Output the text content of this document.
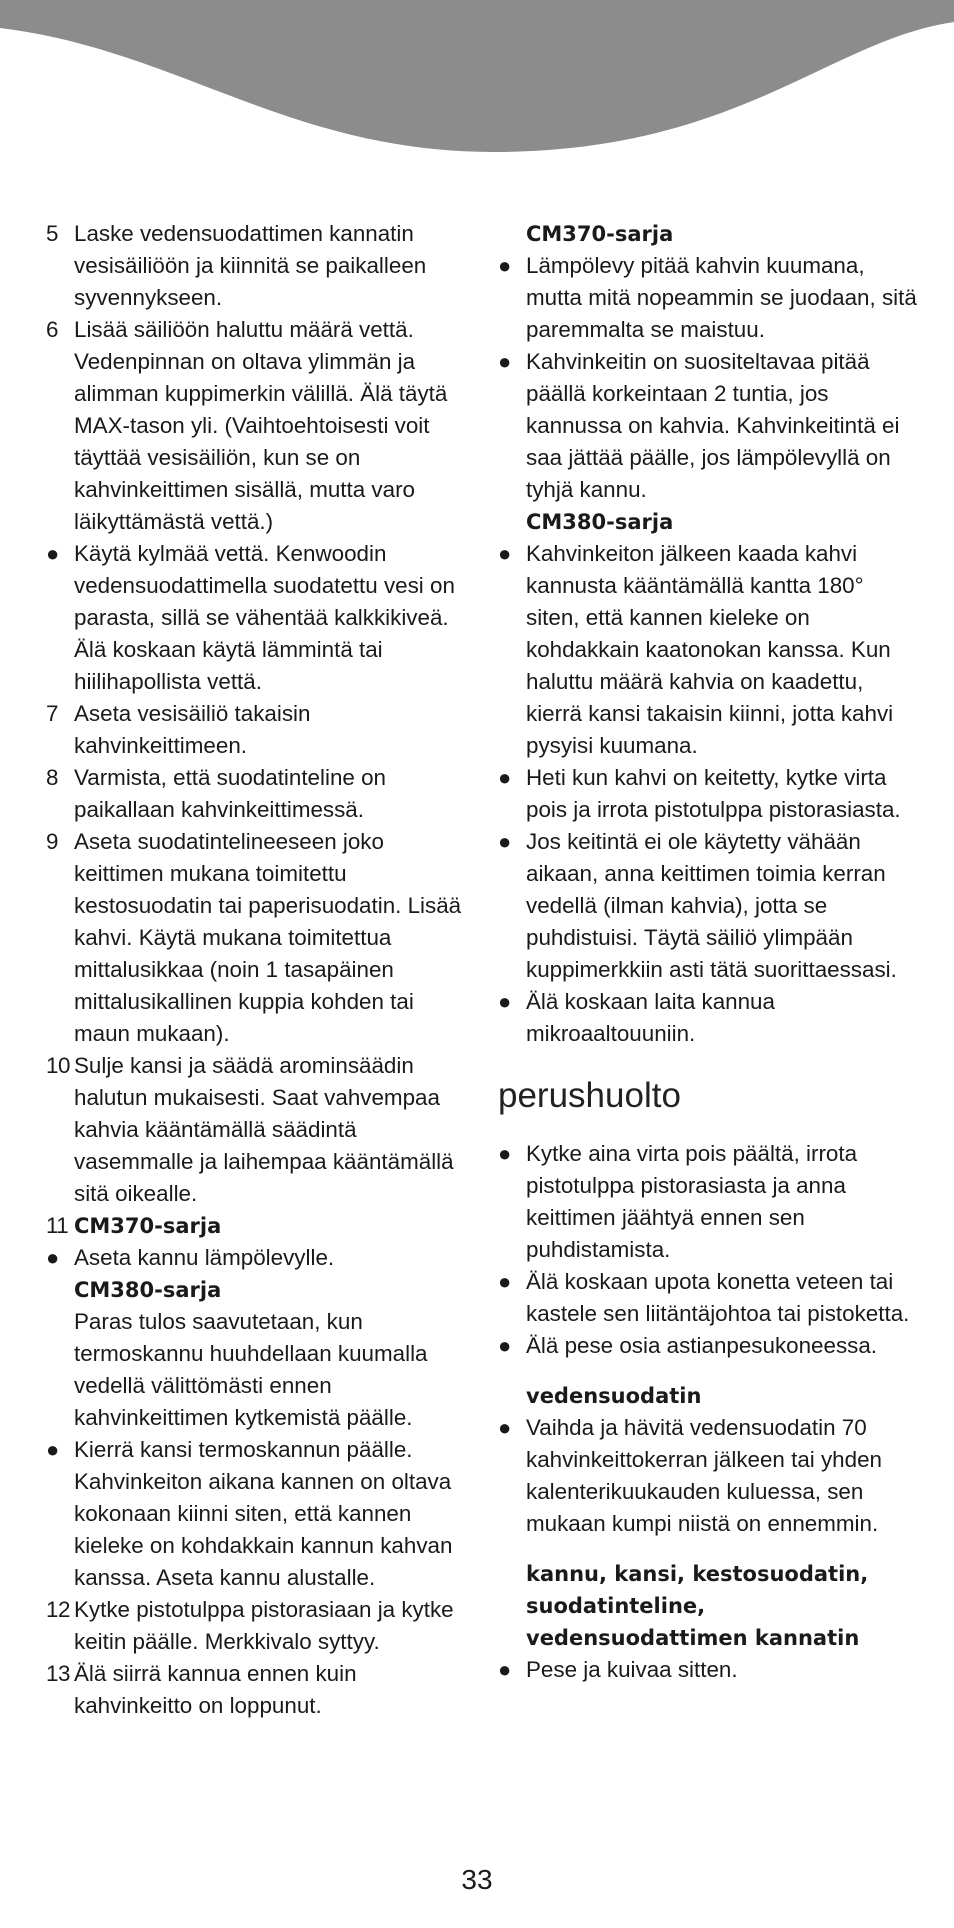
5 Laske vedensuodattimen kannatin vesisäiliöön ja kiinnitä se paikalleen syvennykseen.
6 Lisää säiliöön haluttu määrä vettä. Vedenpinnan on oltava ylimmän ja alimman kuppimerkin välillä. Älä täytä MAX-tason yli. (Vaihtoehtoisesti voit täyttää vesisäiliön, kun se on kahvinkeittimen sisällä, mutta varo läikyttämästä vettä.)
● Käytä kylmää vettä. Kenwoodin vedensuodattimella suodatettu vesi on parasta, sillä se vähentää kalkkikiveä. Älä koskaan käytä lämmintä tai hiilihapollista vettä.
7 Aseta vesisäiliö takaisin kahvinkeittimeen.
8 Varmista, että suodatinteline on paikallaan kahvinkeittimessä.
9 Aseta suodatintelineeseen joko keittimen mukana toimitettu kestosuodatin tai paperisuodatin. Lisää kahvi. Käytä mukana toimitettua mittalusikkaa (noin 1 tasapäinen mittalusikallinen kuppia kohden tai maun mukaan).
10 Sulje kansi ja säädä arominsäädin halutun mukaisesti. Saat vahvempaa kahvia kääntämällä säädintä vasemmalle ja laihempaa kääntämällä sitä oikealle.
11 CM370-sarja
● Aseta kannu lämpölevylle.
CM380-sarja
Paras tulos saavutetaan, kun termoskannu huuhdellaan kuumalla vedellä välittömästi ennen kahvinkeittimen kytkemistä päälle.
● Kierrä kansi termoskannun päälle. Kahvinkeiton aikana kannen on oltava kokonaan kiinni siten, että kannen kieleke on kohdakkain kannun kahvan kanssa. Aseta kannu alustalle.
12 Kytke pistotulppa pistorasiaan ja kytke keitin päälle. Merkkivalo syttyy.
13 Älä siirrä kannua ennen kuin kahvinkeitto on loppunut.
CM370-sarja
● Lämpölevy pitää kahvin kuumana, mutta mitä nopeammin se juodaan, sitä paremmalta se maistuu.
● Kahvinkeitin on suositeltavaa pitää päällä korkeintaan 2 tuntia, jos kannussa on kahvia. Kahvinkeitintä ei saa jättää päälle, jos lämpölevyllä on tyhjä kannu.
CM380-sarja
● Kahvinkeiton jälkeen kaada kahvi kannusta kääntämällä kantta 180° siten, että kannen kieleke on kohdakkain kaatonokan kanssa. Kun haluttu määrä kahvia on kaadettu, kierrä kansi takaisin kiinni, jotta kahvi pysyisi kuumana.
● Heti kun kahvi on keitetty, kytke virta pois ja irrota pistotulppa pistorasiasta.
● Jos keitintä ei ole käytetty vähään aikaan, anna keittimen toimia kerran vedellä (ilman kahvia), jotta se puhdistuisi. Täytä säiliö ylimpään kuppimerkkiin asti tätä suorittaessasi.
● Älä koskaan laita kannua mikroaaltouuniin.
perushuolto
● Kytke aina virta pois päältä, irrota pistotulppa pistorasiasta ja anna keittimen jäähtyä ennen sen puhdistamista.
● Älä koskaan upota konetta veteen tai kastele sen liitäntäjohtoa tai pistoketta.
● Älä pese osia astianpesukoneessa.
vedensuodatin
● Vaihda ja hävitä vedensuodatin 70 kahvinkeittokerran jälkeen tai yhden kalenterikuukauden kuluessa, sen mukaan kumpi niistä on ennemmin.
kannu, kansi, kestosuodatin,
suodatinteline,
vedensuodattimen kannatin
● Pese ja kuivaa sitten.
33
